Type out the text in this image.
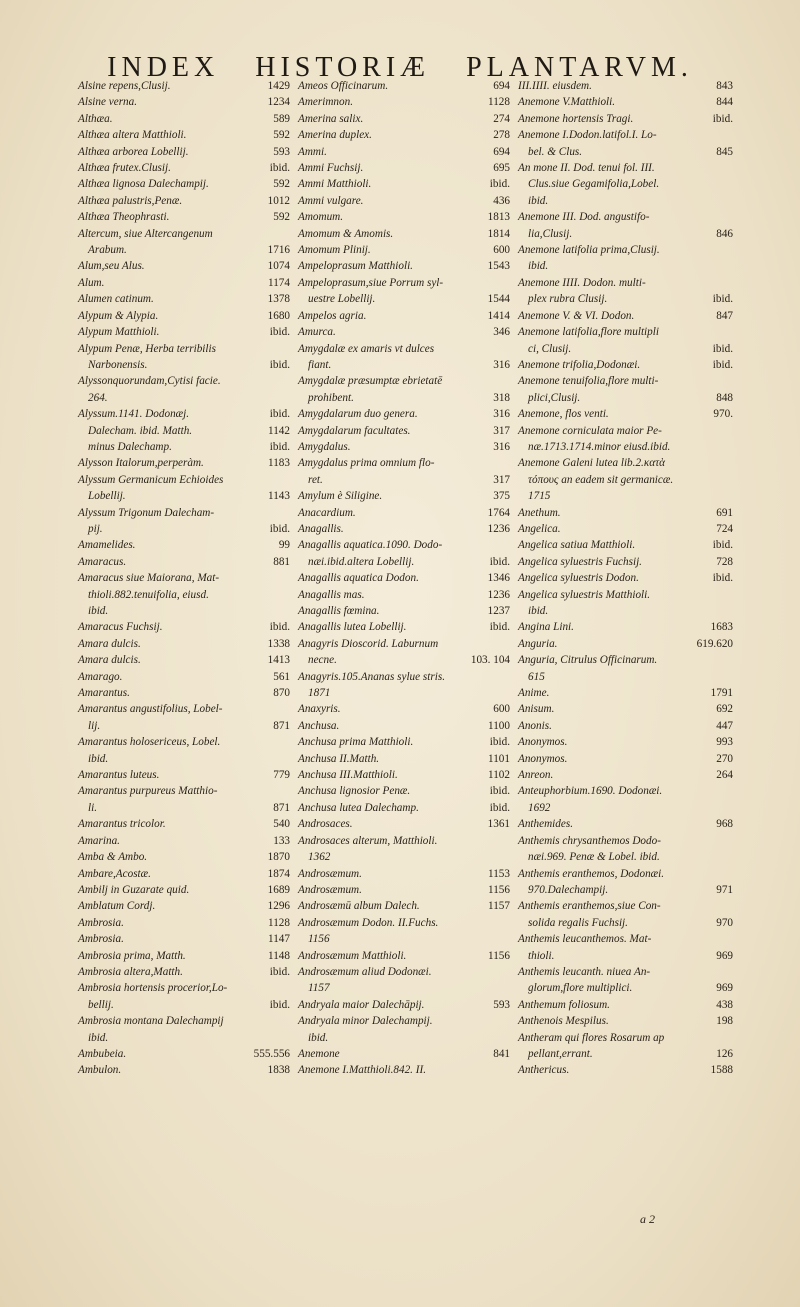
INDEX HISTORIÆ PLANTARVM.
Alsine repens,Clusij.	1429
Alsine verna.	1234
Althæa.	589
Althæa altera Matthioli.	592
Althæa arborea Lobellij.	593
Althæa frutex.Clusij.	ibid.
Althæa lignosa Dalechampij.	592
Althæa palustris,Penæ.	1012
Althæa Theophrasti.	592
Altercum, siue Altercangenum
Arabum.	1716
Alum,seu Alus.	1074
Alum.	1174
Alumen catinum.	1378
Alypum & Alypia.	1680
Alypum Matthioli.	ibid.
Alypum Penæ, Herba terribilis
Narbonensis.	ibid.
Alyssonquorundam,Cytisi facie.
264.
Alyssum.1141. Dodonæj.	ibid.
Dalecham. ibid. Matth.	1142
minus Dalechamp.	ibid.
Alysson Italorum,perperàm.	1183
Alyssum Germanicum Echioides
Lobellij.	1143
Alyssum Trigonum Dalecham-
pij.	ibid.
Amamelides.	99
Amaracus.	881
Amaracus siue Maiorana, Mat-
thioli.882.tenuifolia, eiusd.
ibid.
Amaracus Fuchsij.	ibid.
Amara dulcis.	1338
Amara dulcis.	1413
Amarago.	561
Amarantus.	870
Amarantus angustifolius, Lobel-
lij.	871
Amarantus holosericeus, Lobel.
ibid.
Amarantus luteus.	779
Amarantus purpureus Matthio-
li.	871
Amarantus tricolor.	540
Amarina.	133
Amba & Ambo.	1870
Ambare,Acostæ.	1874
Ambilj in Guzarate quid.	1689
Amblatum Cordj.	1296
Ambrosia.	1128
Ambrosia.	1147
Ambrosia prima, Matth.	1148
Ambrosia altera,Matth.	ibid.
Ambrosia hortensis procerior,Lo-
bellij.	ibid.
Ambrosia montana Dalechampij
ibid.
Ambubeia.	555.556
Ambulon.	1838
Ameos Officinarum.	694
Amerimnon.	1128
Amerina salix.	274
Amerina duplex.	278
Ammi.	694
Ammi Fuchsij.	695
Ammi Matthioli.	ibid.
Ammi vulgare.	436
Amomum.	1813
Amomum & Amomis.	1814
Amomum Plinij.	600
Ampeloprasum Matthioli.	1543
Ampeloprasum,siue Porrum syl-
uestre Lobellij.	1544
Ampelos agria.	1414
Amurca.	346
Amygdalæ ex amaris vt dulces
fiant.	316
Amygdalæ præsumptæ ebrietatē
prohibent.	318
Amygdalarum duo genera.	316
Amygdalarum facultates.	317
Amygdalus.	316
Amygdalus prima omnium flo-
ret.	317
Amylum è Siligine.	375
Anacardium.	1764
Anagallis.	1236
Anagallis aquatica.1090. Dodo-
næi.ibid.altera Lobellij.	ibid.
Anagallis aquatica Dodon.	1346
Anagallis mas.	1236
Anagallis fœmina.	1237
Anagallis lutea Lobellij.	ibid.
Anagyris Dioscorid. Laburnum
necne.	103. 104
Anagyris.105.Ananas sylue stris.
1871
Anaxyris.	600
Anchusa.	1100
Anchusa prima Matthioli.	ibid.
Anchusa II.Matth.	1101
Anchusa III.Matthioli.	1102
Anchusa lignosior Penæ.	ibid.
Anchusa lutea Dalechamp.	ibid.
Androsaces.	1361
Androsaces alterum, Matthioli.
1362
Androsæmum.	1153
Androsæmum.	1156
Androsæmū album Dalech.	1157
Androsæmum Dodon. II.Fuchs.
1156
Androsæmum Matthioli.	1156
Androsæmum aliud Dodonæi.
1157
Andryala maior Dalechāpij.	593
Andryala minor Dalechampij.
ibid.
Anemone	841
Anemone I.Matthioli.842. II.
III.IIII. eiusdem.	843
Anemone V.Matthioli.	844
Anemone hortensis Tragi.	ibid.
Anemone I.Dodon.latifol.I. Lo-
bel. & Clus.	845
An mone II. Dod. tenui fol. III.
Clus.siue Gegamifolia,Lobel.
ibid.
Anemone III. Dod. angustifo-
lia,Clusij.	846
Anemone latifolia prima,Clusij.
ibid.
Anemone IIII. Dodon. multi-
plex rubra Clusij.	ibid.
Anemone V. & VI. Dodon.	847
Anemone latifolia,flore multipli
ci, Clusij.	ibid.
Anemone trifolia,Dodonæi.	ibid.
Anemone tenuifolia,flore multi-
plici,Clusij.	848
Anemone, flos venti.	970.
Anemone corniculata maior Pe-
næ.1713.1714.minor eiusd.ibid.
Anemone Galeni lutea lib.2.κατὰ
τόπους an eadem sit germanicæ.
1715
Anethum.	691
Angelica.	724
Angelica satiua Matthioli.	ibid.
Angelica syluestris Fuchsij.	728
Angelica syluestris Dodon.	ibid.
Angelica syluestris Matthioli.
ibid.
Angina Lini.	1683
Anguria.	619.620
Anguria, Citrulus Officinarum.
615
Anime.	1791
Anisum.	692
Anonis.	447
Anonymos.	993
Anonymos.	270
Anreon.	264
Anteuphorbium.1690. Dodonæi.
1692
Anthemides.	968
Anthemis chrysanthemos Dodo-
næi.969. Penæ & Lobel. ibid.
Anthemis eranthemos, Dodonæi.
970.Dalechampij.	971
Anthemis eranthemos,siue Con-
solida regalis Fuchsij.	970
Anthemis leucanthemos. Mat-
thioli.	969
Anthemis leucanth. niuea An-
glorum,flore multiplici.	969
Anthemum foliosum.	438
Anthenois Mespilus.	198
Antheram qui flores Rosarum ap
pellant,errant.	126
Anthericus.	1588
a 2
